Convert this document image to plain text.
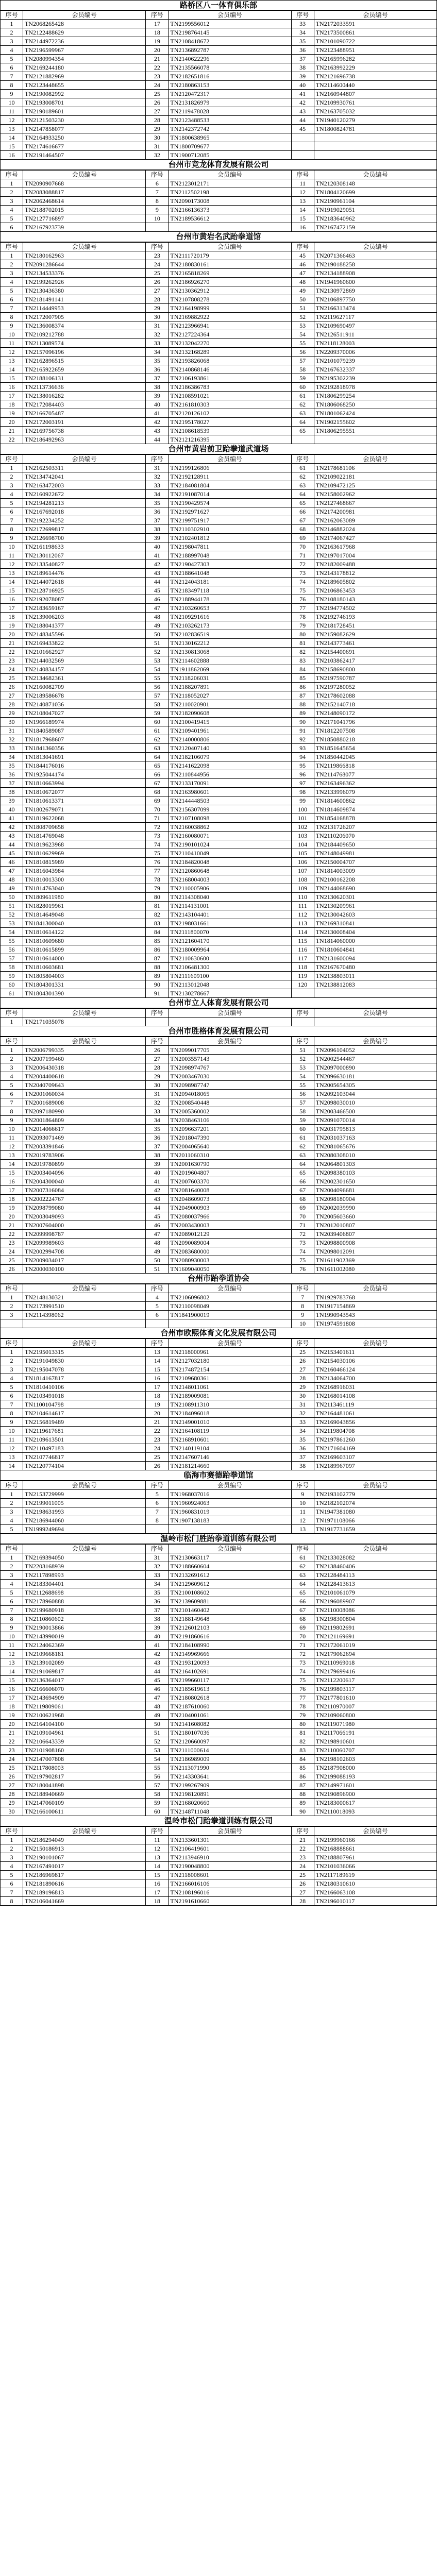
路桥区八一体育俱乐部
序号	会员编号	序号	会员编号	序号	会员编号
1	TN2068265428	17	TN2199556012	33	TN2172033591
2	TN2122488629	18	TN2198764145	34	TN2173500861
3	TN2144972236	19	TN2108418672	35	TN2101090722
4	TN2196599967	20	TN2136892787	36	TN2123488951
5	TN2080994354	21	TN2140622296	37	TN2165996282
6	TN2169244180	22	TN2135566078	38	TN2163992229
7	TN2121882969	23	TN2182651816	39	TN2121696738
8	TN2123448655	24	TN2180863153	40	TN2114600440
9	TN2190082992	25	TN2120472317	41	TN2160944807
10	TN2193008701	26	TN2131826979	42	TN2109930761
11	TN2190189601	27	TN2119478028	43	TN2163705032
12	TN2121503230	28	TN2123488533	44	TN1940120279
13	TN2147858077	29	TN2142372742	45	TN1800824781
14	TN2164933250	30	TN1800638965		
15	TN2174616677	31	TN1800709677		
16	TN2191464507	32	TN1900712085		
台州市竞龙体育发展有限公司
序号	会员编号	序号	会员编号	序号	会员编号
1	TN2090907668	6	TN2123012171	11	TN2120308148
2	TN2083088817	7	TN2112502198	12	TN1804120699
3	TN2062468614	8	TN2090173008	13	TN2190961104
4	TN2188702015	9	TN2166136373	14	TN1919029051
5	TN2127716897	10	TN2189536612	15	TN2183640962
6	TN2167923739			16	TN2167472159
台州市黄岩名武跆拳道馆
序号	会员编号	序号	会员编号	序号	会员编号
1	TN2180162963	23	TN2111720179	45	TN2071366463
2	TN2091286644	24	TN2180830161	46	TN2190188258
3	TN2134533376	25	TN2165818269	47	TN2134188908
4	TN2199262926	26	TN2186926270	48	TN1941960600
5	TN2130436380	27	TN2130362912	49	TN2130972869
6	TN2181491141	28	TN2107808278	50	TN2106897750
7	TN2114449953	29	TN2164198999	51	TN2166313474
8	TN2172007905	30	TN2169882922	52	TN2119627117
9	TN2136008374	31	TN2123966941	53	TN2109690497
10	TN2109212788	32	TN2127224364	54	TN2126511911
11	TN2113089574	33	TN2132042270	55	TN2118128003
12	TN2157096196	34	TN2132168289	56	TN2209370006
13	TN2162896515	35	TN2193826068	57	TN2101079239
14	TN2165922659	36	TN2140868146	58	TN2167632337
15	TN2188106131	37	TN2106193861	59	TN2195302239
16	TN2113736636	38	TN2186386783	60	TN2192818978
17	TN2138016282	39	TN2108591021	61	TN1806299254
18	TN2172084403	40	TN2161810303	62	TN1806068250
19	TN2166705487	41	TN2120126102	63	TN1801062424
20	TN2172003191	42	TN2195178027	64	TN1902155602
21	TN2169756738	43	TN2108618539	65	TN1806295551
22	TN2186492963	44	TN2121216395		
台州市黄岩前卫跆拳道武道场
序号	会员编号	序号	会员编号	序号	会员编号
1	TN2162503311	31	TN2199126806	61	TN2178681106
2	TN2134742041	32	TN2192128911	62	TN2109022181
3	TN2163472003	33	TN2184081804	63	TN2109472125
4	TN2160922672	34	TN2191087014	64	TN2158002962
5	TN2194281213	35	TN2190429574	65	TN2127468667
6	TN2167692018	36	TN2192971627	66	TN2174200981
7	TN2192234252	37	TN2199751917	67	TN2162063089
8	TN2172699817	38	TN2110302910	68	TN2146882024
9	TN2126698700	39	TN2102401812	69	TN2174067427
10	TN2161198633	40	TN2198047811	70	TN2163617968
11	TN2130112067	41	TN2188997048	71	TN2197017004
12	TN2133540827	42	TN2190427303	72	TN2182009488
13	TN2189614476	43	TN2188641048	73	TN2143178812
14	TN2144072618	44	TN2124043181	74	TN2189605802
15	TN2128716925	45	TN2183497118	75	TN2106863453
16	TN2192078087	46	TN2188944178	76	TN2108180143
17	TN2183659167	47	TN2103260653	77	TN2194774502
18	TN2139006203	48	TN2109291616	78	TN2192746193
19	TN2188041377	49	TN2103262173	79	TN2181728451
20	TN2148345596	50	TN2102836519	80	TN2159082629
21	TN2169433822	51	TN2130162212	81	TN2143773461
22	TN2101662927	52	TN2130813068	82	TN2154400691
23	TN2144032569	53	TN2114602888	83	TN2103862417
24	TN2140834157	54	TN1911862069	84	TN2158690800
25	TN2134682361	55	TN2118206031	85	TN2197590787
26	TN2160082709	56	TN2188207891	86	TN2197280052
27	TN2189586678	57	TN2118052027	87	TN2178602088
28	TN2140871036	58	TN2110020901	88	TN2152140718
29	TN2108047027	59	TN2182090608	89	TN2148090172
30	TN1966189974	60	TN2100419415	90	TN2171041796
31	TN1840589087	61	TN2109401961	91	TN1812207508
32	TN1817968607	62	TN2140000806	92	TN1850880218
33	TN1841360356	63	TN2120407140	93	TN1851645654
34	TN1813041691	64	TN2182106079	94	TN1850442045
35	TN1844176016	65	TN2141622098	95	TN2119866818
36	TN1925044174	66	TN2110844956	96	TN2114768077
37	TN1810663994	67	TN2133170091	97	TN2163496362
38	TN1810672077	68	TN2163980601	98	TN2133996079
39	TN1810613371	69	TN2144448503	99	TN1814600862
40	TN1802679071	70	TN2156307099	100	TN1814609874
41	TN1819622068	71	TN2107108098	101	TN1854168878
42	TN1808709658	72	TN2160038862	102	TN2131726207
43	TN1814769048	73	TN2160080071	103	TN2110206070
44	TN1819623968	74	TN2190101024	104	TN2184409650
45	TN1810629969	75	TN2110410049	105	TN2148049981
46	TN1810815989	76	TN2184820048	106	TN2150004707
47	TN1816043984	77	TN2120860648	107	TN1814003009
48	TN1810013300	78	TN2168004003	108	TN2100162208
49	TN1814763040	79	TN2110005906	109	TN2144068690
50	TN1809611980	80	TN2114308040	110	TN2130620301
51	TN1828019961	81	TN2114131001	111	TN2130209961
52	TN1814649048	82	TN2143104401	112	TN2130042603
53	TN1841300040	83	TN2198031661	113	TN2169310841
54	TN1810614122	84	TN2111800070	114	TN2130008404
55	TN1810609680	85	TN2121604170	115	TN1814060000
56	TN1810615899	86	TN2180009964	116	TN1810604841
57	TN1810614000	87	TN2110630600	117	TN2131600094
58	TN1810603681	88	TN2106481300	118	TN2167670480
59	TN1805804003	89	TN2111609100	119	TN2138803011
60	TN1804301331	90	TN2113012048	120	TN2138812083
61	TN1804301390	91	TN2130278667		
台州市立人体育发展有限公司
序号	会员编号	序号	会员编号	序号	会员编号
1	TN2171035078				
台州市胜格体育发展有限公司
序号	会员编号	序号	会员编号	序号	会员编号
1	TN2006799335	26	TN2099017705	51	TN2096104052
2	TN2007199460	27	TN2003557143	52	TN2002544467
3	TN2006430318	28	TN2098974767	53	TN2097000890
4	TN2004400618	29	TN2003467030	54	TN2096630181
5	TN2040709643	30	TN2098987747	55	TN2005654305
6	TN2001060034	31	TN2094018065	56	TN2092103044
7	TN2001689008	32	TN2008540448	57	TN2098030010
8	TN2097180990	33	TN2005360002	58	TN2003466500
9	TN2001864809	34	TN2038463106	59	TN2091070014
10	TN2014066617	35	TN2096637201	60	TN2031795813
11	TN2093071469	36	TN2018047390	61	TN2031037163
12	TN2003391846	37	TN2004065640	62	TN2081065676
13	TN2019783906	38	TN2011060310	63	TN2080308010
14	TN2019780899	39	TN2001630790	64	TN2064801303
15	TN2003404096	40	TN2019604807	65	TN2098380103
16	TN2004300040	41	TN2007603370	66	TN2002301650
17	TN2007316084	42	TN2081640008	67	TN2004096681
18	TN2002224767	43	TN2048609073	68	TN2098180904
19	TN2098799080	44	TN2049000903	69	TN2002039990
20	TN2003049093	45	TN2080037966	70	TN2005603660
21	TN2007604000	46	TN2003430003	71	TN2012010807
22	TN2099998787	47	TN2089012129	72	TN2039406807
23	TN2099989603	48	TN2090089004	73	TN2098800908
24	TN2002994708	49	TN2083680000	74	TN2098012091
25	TN2009034017	50	TN2080930003	75	TN1611902369
26	TN2000030100	51	TN1609040050	76	TN1611002080
台州市跆拳道协会
序号	会员编号	序号	会员编号	序号	会员编号
1	TN2148130321	4	TN2106096802	7	TN1929783768
2	TN2173991510	5	TN2110098049	8	TN1917154869
3	TN2114398062	6	TN1841900019	9	TN1990943543
				10	TN1974591808
台州市欧熙体育文化发展有限公司
序号	会员编号	序号	会员编号	序号	会员编号
1	TN2195013315	13	TN2118000961	25	TN2153401611
2	TN2191049830	14	TN2127032180	26	TN2154030106
3	TN2195047078	15	TN2174872154	27	TN2160466124
4	TN1814167817	16	TN2109680361	28	TN2134064700
5	TN1810410106	17	TN2148011061	29	TN2168916031
6	TN2103491018	18	TN2189009081	30	TN2168014108
7	TN1100104798	19	TN2108911310	31	TN2113461119
8	TN2104614617	20	TN2184096018	32	TN2164481061
9	TN2156819489	21	TN2149001010	33	TN2169043856
10	TN2119617681	22	TN2164108119	34	TN2119804708
11	TN2109613501	23	TN2168910601	35	TN2197861260
12	TN2110497183	24	TN2140119104	36	TN2171604169
13	TN2107746817	25	TN2147607146	37	TN2169603107
14	TN2120774104	26	TN2181214660	38	TN2189967097
临海市赛德跆拳道馆
序号	会员编号	序号	会员编号	序号	会员编号
1	TN2153729999	5	TN1968037016	9	TN2193102779
2	TN2199011005	6	TN1960924063	10	TN2182102074
3	TN2198631993	7	TN1960831019	11	TN1947381080
4	TN2186944060	8	TN1907138183	12	TN1971108066
5	TN1999249694			13	TN1917731659
温岭市松门胜跆拳道训练有限公司
序号	会员编号	序号	会员编号	序号	会员编号
1	TN2169394050	31	TN2130663117	61	TN2133028082
2	TN2203168939	32	TN2188660604	62	TN2138460406
3	TN2117898993	33	TN2132691612	63	TN2128484113
4	TN2183304401	34	TN2129609612	64	TN2128413613
5	TN2112688698	35	TN2100108602	65	TN2101061079
6	TN2178960888	36	TN2139609881	66	TN2196089907
7	TN2199680918	37	TN2101460402	67	TN2110008086
8	TN2110860602	38	TN2188149648	68	TN2198300804
9	TN2190013866	39	TN2126012103	69	TN2119802691
10	TN2143990019	40	TN2191860616	70	TN2121169691
11	TN2124062369	41	TN2184108990	71	TN2172061019
12	TN2109668181	42	TN2149969666	72	TN2179062694
13	TN2139102089	43	TN2193120093	73	TN2110969018
14	TN2191069817	44	TN2164102691	74	TN2179699416
15	TN2136364017	45	TN2199660117	75	TN2112200617
16	TN2166606070	46	TN2185619613	76	TN2199803117
17	TN2143694909	47	TN2180802618	77	TN2177801610
18	TN2119809061	48	TN2187610060	78	TN2110970007
19	TN2100621968	49	TN2104001061	79	TN2109060800
20	TN2164104100	50	TN2141608082	80	TN2119071980
21	TN2109104961	51	TN2180107036	81	TN2117066191
22	TN2106643339	52	TN2120660097	82	TN2198910601
23	TN2101908160	53	TN2111000614	83	TN2110060707
24	TN2147007808	54	TN2186989009	84	TN2198102603
25	TN2117808003	55	TN2113071990	85	TN2187908000
26	TN2197902817	56	TN2143303641	86	TN2199088193
27	TN2180041898	57	TN2199267909	87	TN2149971601
28	TN2188940669	58	TN2198120891	88	TN2190896900
29	TN2147060109	59	TN2168020660	89	TN2183000617
30	TN2166100611	60	TN2148711048	90	TN2110018093
温岭市松门跆拳道训练有限公司
序号	会员编号	序号	会员编号	序号	会员编号
1	TN2186294049	11	TN2133601301	21	TN2199960166
2	TN2150186913	12	TN2106419601	22	TN2168888661
3	TN2190101067	13	TN2113946910	23	TN2188807961
4	TN2167491017	14	TN2190048800	24	TN2101036066
5	TN2186969817	15	TN2118008601	25	TN2117189619
6	TN2181890616	16	TN2166016106	26	TN2180310610
7	TN2189196813	17	TN2108196016	27	TN2166063108
8	TN2106041669	18	TN2191610660	28	TN2196010117
